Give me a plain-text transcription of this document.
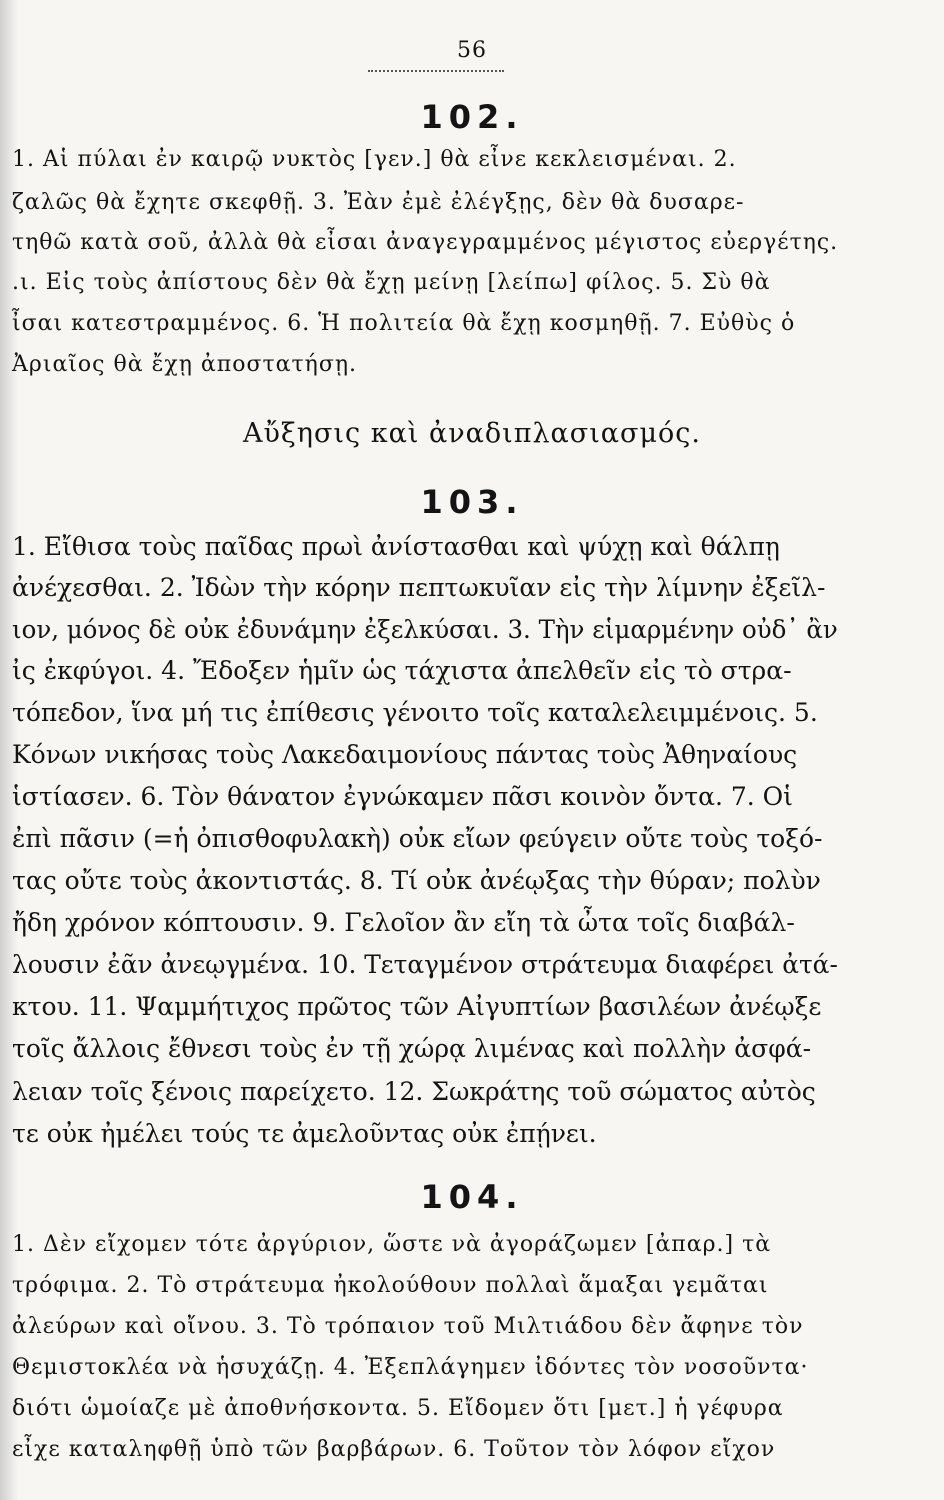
56
102.
1. Αἱ πύλαι ἐν καιρῷ νυκτὸς [γεν.] θὰ εἶνε κεκλεισμέναι. 2.
ζαλῶς θὰ ἔχητε σκεφθῇ. 3. Ἐὰν ἐμὲ ἐλέγξῃς, δὲν θὰ δυσαρε-
τηθῶ κατὰ σοῦ, ἀλλὰ θὰ εἶσαι ἀναγεγραμμένος μέγιστος εὐεργέτης.
.ι. Εἰς τοὺς ἀπίστους δὲν θὰ ἔχῃ μείνῃ [λείπω] φίλος. 5. Σὺ θὰ
ἶσαι κατεστραμμένος. 6. Ἡ πολιτεία θὰ ἔχῃ κοσμηθῇ. 7. Εὐθὺς ὁ
Ἀριαῖος θὰ ἔχῃ ἀποστατήσῃ.
Αὔξησις καὶ ἀναδιπλασιασμός.
103.
1. Εἴθισα τοὺς παῖδας πρωὶ ἀνίστασθαι καὶ ψύχῃ καὶ θάλπῃ
ἀνέχεσθαι. 2. Ἰδὼν τὴν κόρην πεπτωκυῖαν εἰς τὴν λίμνην ἐξεῖλ-
ιον, μόνος δὲ οὐκ ἐδυνάμην ἐξελκύσαι. 3. Τὴν εἱμαρμένην οὐδ᾽ ἂν
ἰς ἐκφύγοι. 4. Ἔδοξεν ἡμῖν ὡς τάχιστα ἀπελθεῖν εἰς τὸ στρα-
τόπεδον, ἵνα μή τις ἐπίθεσις γένοιτο τοῖς καταλελειμμένοις. 5.
Κόνων νικήσας τοὺς Λακεδαιμονίους πάντας τοὺς Ἀθηναίους
ἱστίασεν. 6. Τὸν θάνατον ἐγνώκαμεν πᾶσι κοινὸν ὄντα. 7. Οἱ
ἐπὶ πᾶσιν (=ἡ ὀπισθοφυλακὴ) οὐκ εἴων φεύγειν οὔτε τοὺς τοξό-
τας οὔτε τοὺς ἀκοντιστάς. 8. Τί οὐκ ἀνέῳξας τὴν θύραν; πολὺν
ἤδη χρόνον κόπτουσιν. 9. Γελοῖον ἂν εἴη τὰ ὦτα τοῖς διαβάλ-
λουσιν ἐᾶν ἀνεῳγμένα. 10. Τεταγμένον στράτευμα διαφέρει ἀτά-
κτου. 11. Ψαμμήτιχος πρῶτος τῶν Αἰγυπτίων βασιλέων ἀνέῳξε
τοῖς ἄλλοις ἔθνεσι τοὺς ἐν τῇ χώρᾳ λιμένας καὶ πολλὴν ἀσφά-
λειαν τοῖς ξένοις παρείχετο. 12. Σωκράτης τοῦ σώματος αὐτὸς
τε οὐκ ἠμέλει τούς τε ἀμελοῦντας οὐκ ἐπῄνει.
104.
1. Δὲν εἴχομεν τότε ἀργύριον, ὥστε νὰ ἀγοράζωμεν [ἀπαρ.] τὰ
τρόφιμα. 2. Τὸ στράτευμα ἠκολούθουν πολλαὶ ἅμαξαι γεμᾶται
ἀλεύρων καὶ οἴνου. 3. Τὸ τρόπαιον τοῦ Μιλτιάδου δὲν ἄφηνε τὸν
Θεμιστοκλέα νὰ ἡσυχάζῃ. 4. Ἐξεπλάγημεν ἰδόντες τὸν νοσοῦντα·
διότι ὡμοίαζε μὲ ἀποθνήσκοντα. 5. Εἴδομεν ὅτι [μετ.] ἡ γέφυρα
εἶχε καταληφθῇ ὑπὸ τῶν βαρβάρων. 6. Τοῦτον τὸν λόφον εἴχον
